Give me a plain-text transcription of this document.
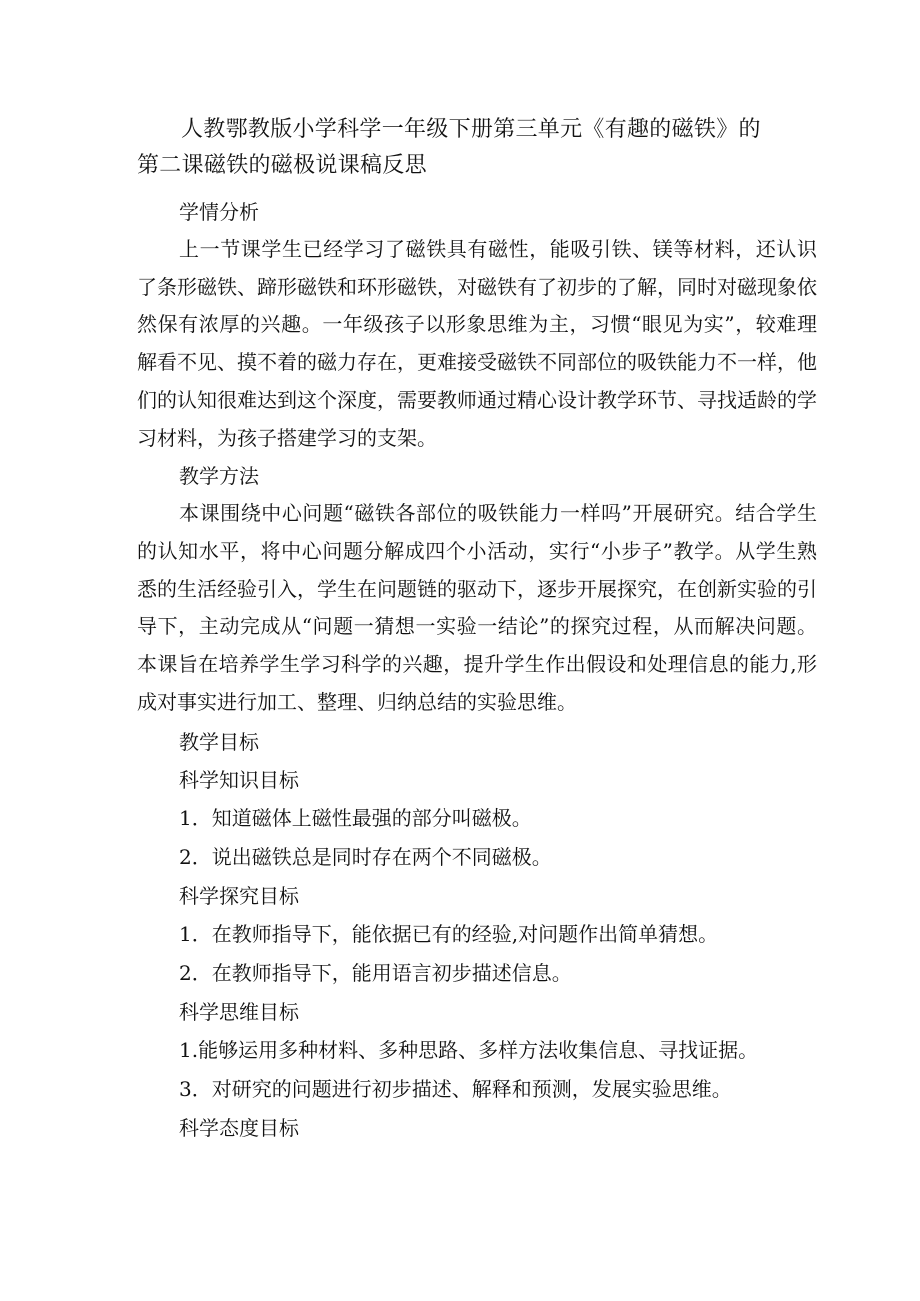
人教鄂教版小学科学一年级下册第三单元《有趣的磁铁》的
第二课磁铁的磁极说课稿反思

学情分析

上一节课学生已经学习了磁铁具有磁性，能吸引铁、镁等材料，还认识了条形磁铁、蹄形磁铁和环形磁铁，对磁铁有了初步的了解，同时对磁现象依然保有浓厚的兴趣。一年级孩子以形象思维为主，习惯“眼见为实”，较难理解看不见、摸不着的磁力存在，更难接受磁铁不同部位的吸铁能力不一样，他们的认知很难达到这个深度，需要教师通过精心设计教学环节、寻找适龄的学习材料，为孩子搭建学习的支架。

教学方法

本课围绕中心问题“磁铁各部位的吸铁能力一样吗”开展研究。结合学生的认知水平，将中心问题分解成四个小活动，实行“小步子”教学。从学生熟悉的生活经验引入，学生在问题链的驱动下，逐步开展探究，在创新实验的引导下，主动完成从“问题一猜想一实验一结论”的探究过程，从而解决问题。本课旨在培养学生学习科学的兴趣，提升学生作出假设和处理信息的能力,形成对事实进行加工、整理、归纳总结的实验思维。

教学目标

科学知识目标

1．知道磁体上磁性最强的部分叫磁极。

2．说出磁铁总是同时存在两个不同磁极。

科学探究目标

1．在教师指导下，能依据已有的经验,对问题作出简单猜想。

2．在教师指导下，能用语言初步描述信息。

科学思维目标

1.能够运用多种材料、多种思路、多样方法收集信息、寻找证据。

3．对研究的问题进行初步描述、解释和预测，发展实验思维。

科学态度目标
